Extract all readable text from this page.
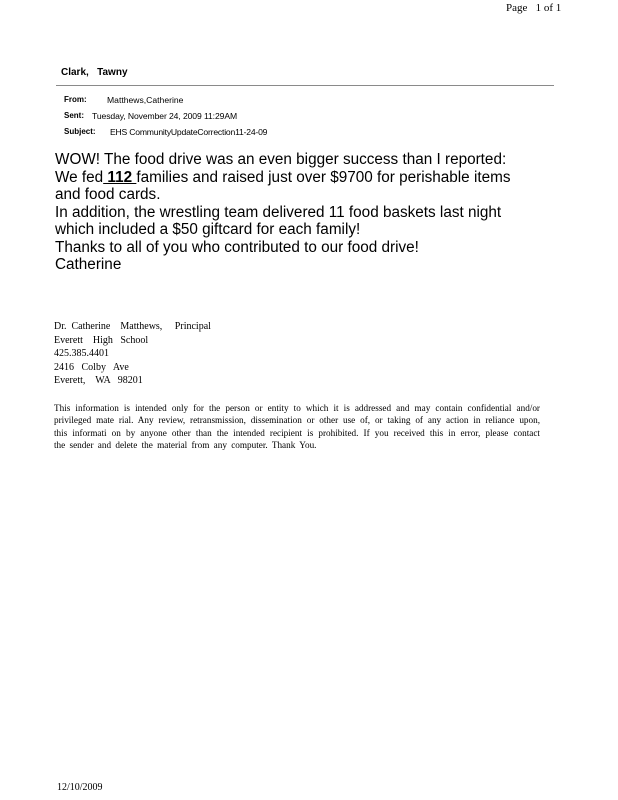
Page   1 of 1
Clark,   Tawny
From: Matthews,Catherine
Sent: Tuesday, November 24, 2009 11:29AM
Subject: EHS CommunityUpdateCorrection11-24-09
WOW! The food drive was an even bigger success than I reported:
We fed 112 families and raised just over $9700 for perishable items
and food cards.
In addition, the wrestling team delivered 11 food baskets last night
which included a $50 giftcard for each family!
Thanks to all of you who contributed to our food drive!
Catherine
Dr.  Catherine    Matthews,     Principal
Everett    High   School
425.385.4401
2416   Colby   Ave
Everett,    WA   98201
This information is intended only for the person or entity to which it is addressed and may contain confidential and/or privileged mate rial. Any review, retransmission, dissemination or other use of, or taking of any action in reliance upon, this informati on by anyone other than the intended recipient is prohibited. If you received this in error, please contact the sender and delete the material from any computer. Thank You.
12/10/2009
